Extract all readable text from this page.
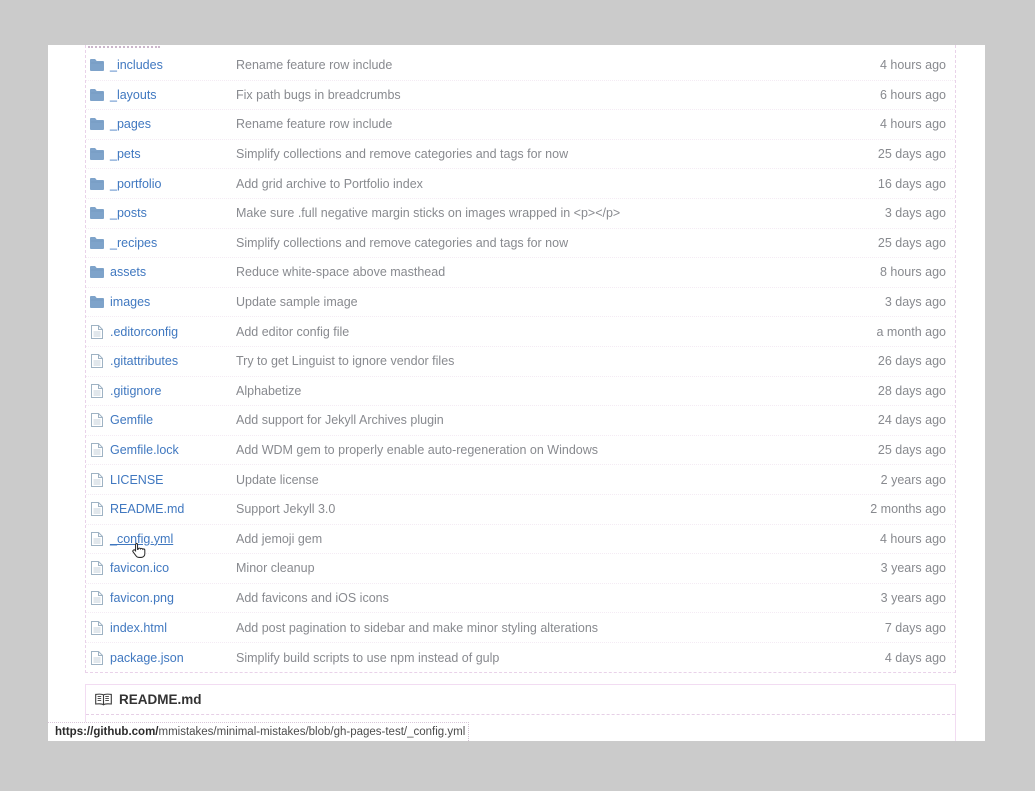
_includes	Rename feature row include	4 hours ago
_layouts	Fix path bugs in breadcrumbs	6 hours ago
_pages	Rename feature row include	4 hours ago
_pets	Simplify collections and remove categories and tags for now	25 days ago
_portfolio	Add grid archive to Portfolio index	16 days ago
_posts	Make sure .full negative margin sticks on images wrapped in <p></p>	3 days ago
_recipes	Simplify collections and remove categories and tags for now	25 days ago
assets	Reduce white-space above masthead	8 hours ago
images	Update sample image	3 days ago
.editorconfig	Add editor config file	a month ago
.gitattributes	Try to get Linguist to ignore vendor files	26 days ago
.gitignore	Alphabetize	28 days ago
Gemfile	Add support for Jekyll Archives plugin	24 days ago
Gemfile.lock	Add WDM gem to properly enable auto-regeneration on Windows	25 days ago
LICENSE	Update license	2 years ago
README.md	Support Jekyll 3.0	2 months ago
_config.yml	Add jemoji gem	4 hours ago
favicon.ico	Minor cleanup	3 years ago
favicon.png	Add favicons and iOS icons	3 years ago
index.html	Add post pagination to sidebar and make minor styling alterations	7 days ago
package.json	Simplify build scripts to use npm instead of gulp	4 days ago
README.md
https://github.com/mmistakes/minimal-mistakes/blob/gh-pages-test/_config.yml
